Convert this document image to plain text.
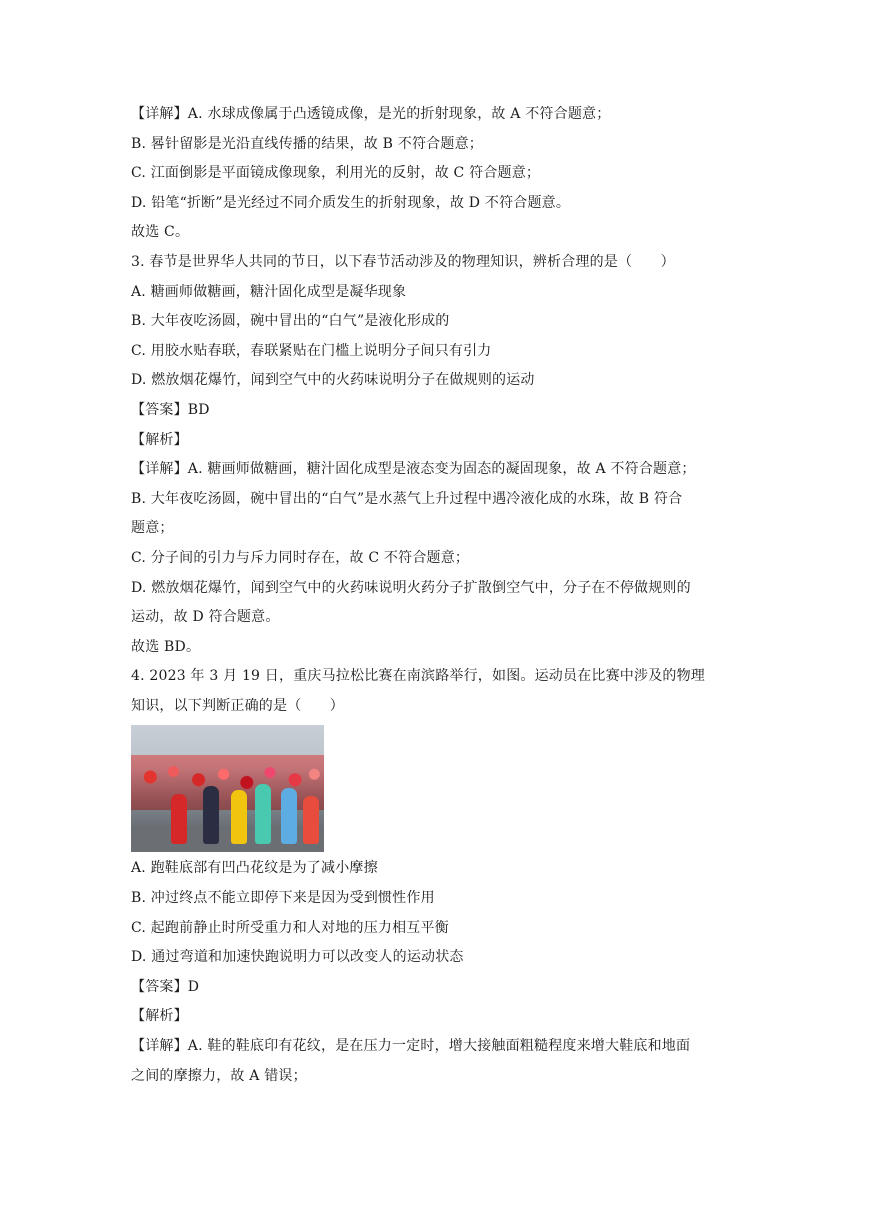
【详解】A. 水球成像属于凸透镜成像，是光的折射现象，故 A 不符合题意；
B. 晷针留影是光沿直线传播的结果，故 B 不符合题意；
C. 江面倒影是平面镜成像现象，利用光的反射，故 C 符合题意；
D. 铅笔“折断”是光经过不同介质发生的折射现象，故 D 不符合题意。
故选 C。
3. 春节是世界华人共同的节日，以下春节活动涉及的物理知识，辨析合理的是（　　）
A. 糖画师做糖画，糖汁固化成型是凝华现象
B. 大年夜吃汤圆，碗中冒出的“白气”是液化形成的
C. 用胶水贴春联，春联紧贴在门槛上说明分子间只有引力
D. 燃放烟花爆竹，闻到空气中的火药味说明分子在做规则的运动
【答案】BD
【解析】
【详解】A. 糖画师做糖画，糖汁固化成型是液态变为固态的凝固现象，故 A 不符合题意；
B. 大年夜吃汤圆，碗中冒出的“白气”是水蒸气上升过程中遇冷液化成的水珠，故 B 符合
题意；
C. 分子间的引力与斥力同时存在，故 C 不符合题意；
D. 燃放烟花爆竹，闻到空气中的火药味说明火药分子扩散倒空气中，分子在不停做规则的
运动，故 D 符合题意。
故选 BD。
4. 2023 年 3 月 19 日，重庆马拉松比赛在南滨路举行，如图。运动员在比赛中涉及的物理
知识，以下判断正确的是（　　）
A. 跑鞋底部有凹凸花纹是为了减小摩擦
B. 冲过终点不能立即停下来是因为受到惯性作用
C. 起跑前静止时所受重力和人对地的压力相互平衡
D. 通过弯道和加速快跑说明力可以改变人的运动状态
【答案】D
【解析】
【详解】A. 鞋的鞋底印有花纹，是在压力一定时，增大接触面粗糙程度来增大鞋底和地面
之间的摩擦力，故 A 错误；
